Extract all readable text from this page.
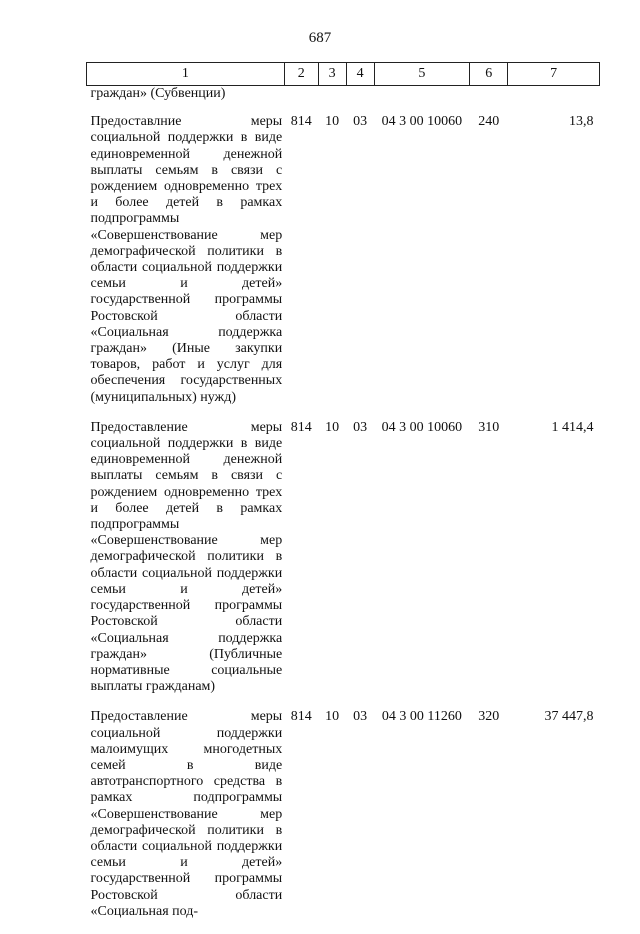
687
1	2	3	4	5	6	7
граждан» (Субвенции)						
Предоставлние меры социальной поддержки в виде единовременной денежной выплаты семьям в связи с рождением одновременно трех и более детей в рамках подпрограммы «Совершенствование мер демографической политики в области социальной поддержки семьи и детей» государственной программы Ростовской области «Социальная поддержка граждан» (Иные закупки товаров, работ и услуг для обеспечения государственных (муниципальных) нужд)	814	10	03	04 3 00 10060	240	13,8
Предоставление меры социальной поддержки в виде единовременной денежной выплаты семьям в связи с рождением одновременно трех и более детей в рамках подпрограммы «Совершенствование мер демографической политики в области социальной поддержки семьи и детей» государственной программы Ростовской области «Социальная поддержка граждан» (Публичные нормативные социальные выплаты гражданам)	814	10	03	04 3 00 10060	310	1 414,4
Предоставление меры социальной поддержки малоимущих многодетных семей в виде автотранспортного средства в рамках подпрограммы «Совершенствование мер демографической политики в области социальной поддержки семьи и детей» государственной программы Ростовской области «Социальная под-	814	10	03	04 3 00 11260	320	37 447,8
